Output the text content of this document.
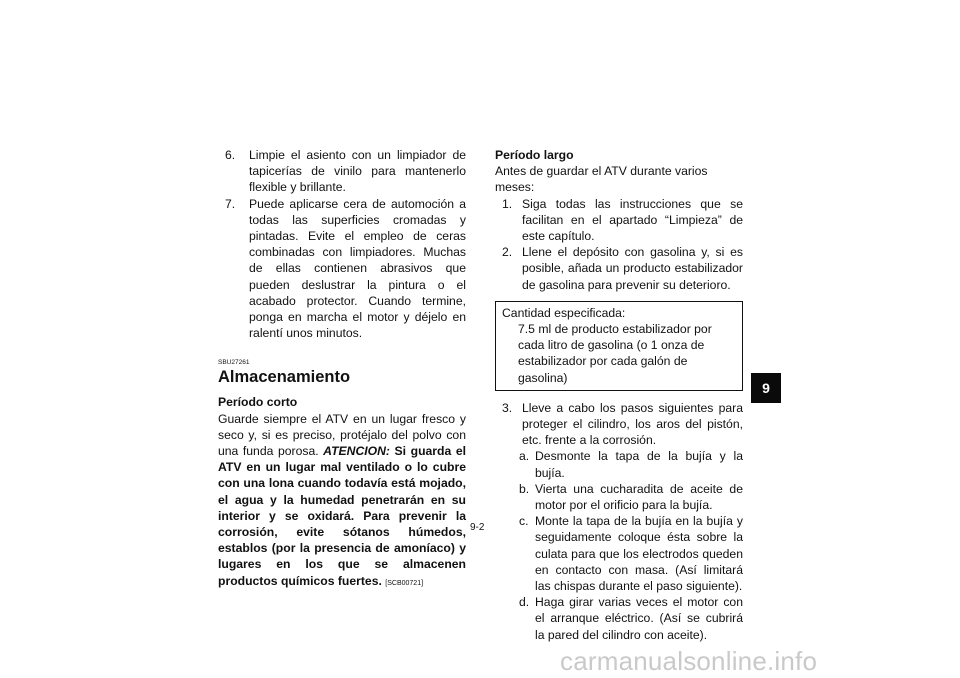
6.	Limpie el asiento con un limpiador de tapicerías de vinilo para mantenerlo flexible y brillante.
7.	Puede aplicarse cera de automoción a todas las superficies cromadas y pintadas. Evite el empleo de ceras combinadas con limpiadores. Muchas de ellas contienen abrasivos que pueden deslustrar la pintura o el acabado protector. Cuando termine, ponga en marcha el motor y déjelo en ralentí unos minutos.
SBU27261
Almacenamiento
Período corto
Guarde siempre el ATV en un lugar fresco y seco y, si es preciso, protéjalo del polvo con una funda porosa. ATENCION: Si guarda el ATV en un lugar mal ventilado o lo cubre con una lona cuando todavía está mojado, el agua y la humedad penetrarán en su interior y se oxidará. Para prevenir la corrosión, evite sótanos húmedos, establos (por la presencia de amoníaco) y lugares en los que se almacenen productos químicos fuertes. [SCB00721]
Período largo
Antes de guardar el ATV durante varios meses:
1. Siga todas las instrucciones que se facilitan en el apartado “Limpieza” de este capítulo.
2. Llene el depósito con gasolina y, si es posible, añada un producto estabilizador de gasolina para prevenir su deterioro.
Cantidad especificada:
7.5 ml de producto estabilizador por cada litro de gasolina (o 1 onza de estabilizador por cada galón de gasolina)
3. Lleve a cabo los pasos siguientes para proteger el cilindro, los aros del pistón, etc. frente a la corrosión.
a. Desmonte la tapa de la bujía y la bujía.
b. Vierta una cucharadita de aceite de motor por el orificio para la bujía.
c. Monte la tapa de la bujía en la bujía y seguidamente coloque ésta sobre la culata para que los electrodos queden en contacto con masa. (Así limitará las chispas durante el paso siguiente).
d. Haga girar varias veces el motor con el arranque eléctrico. (Así se cubrirá la pared del cilindro con aceite).
9-2
9
carmanualsonline.info
